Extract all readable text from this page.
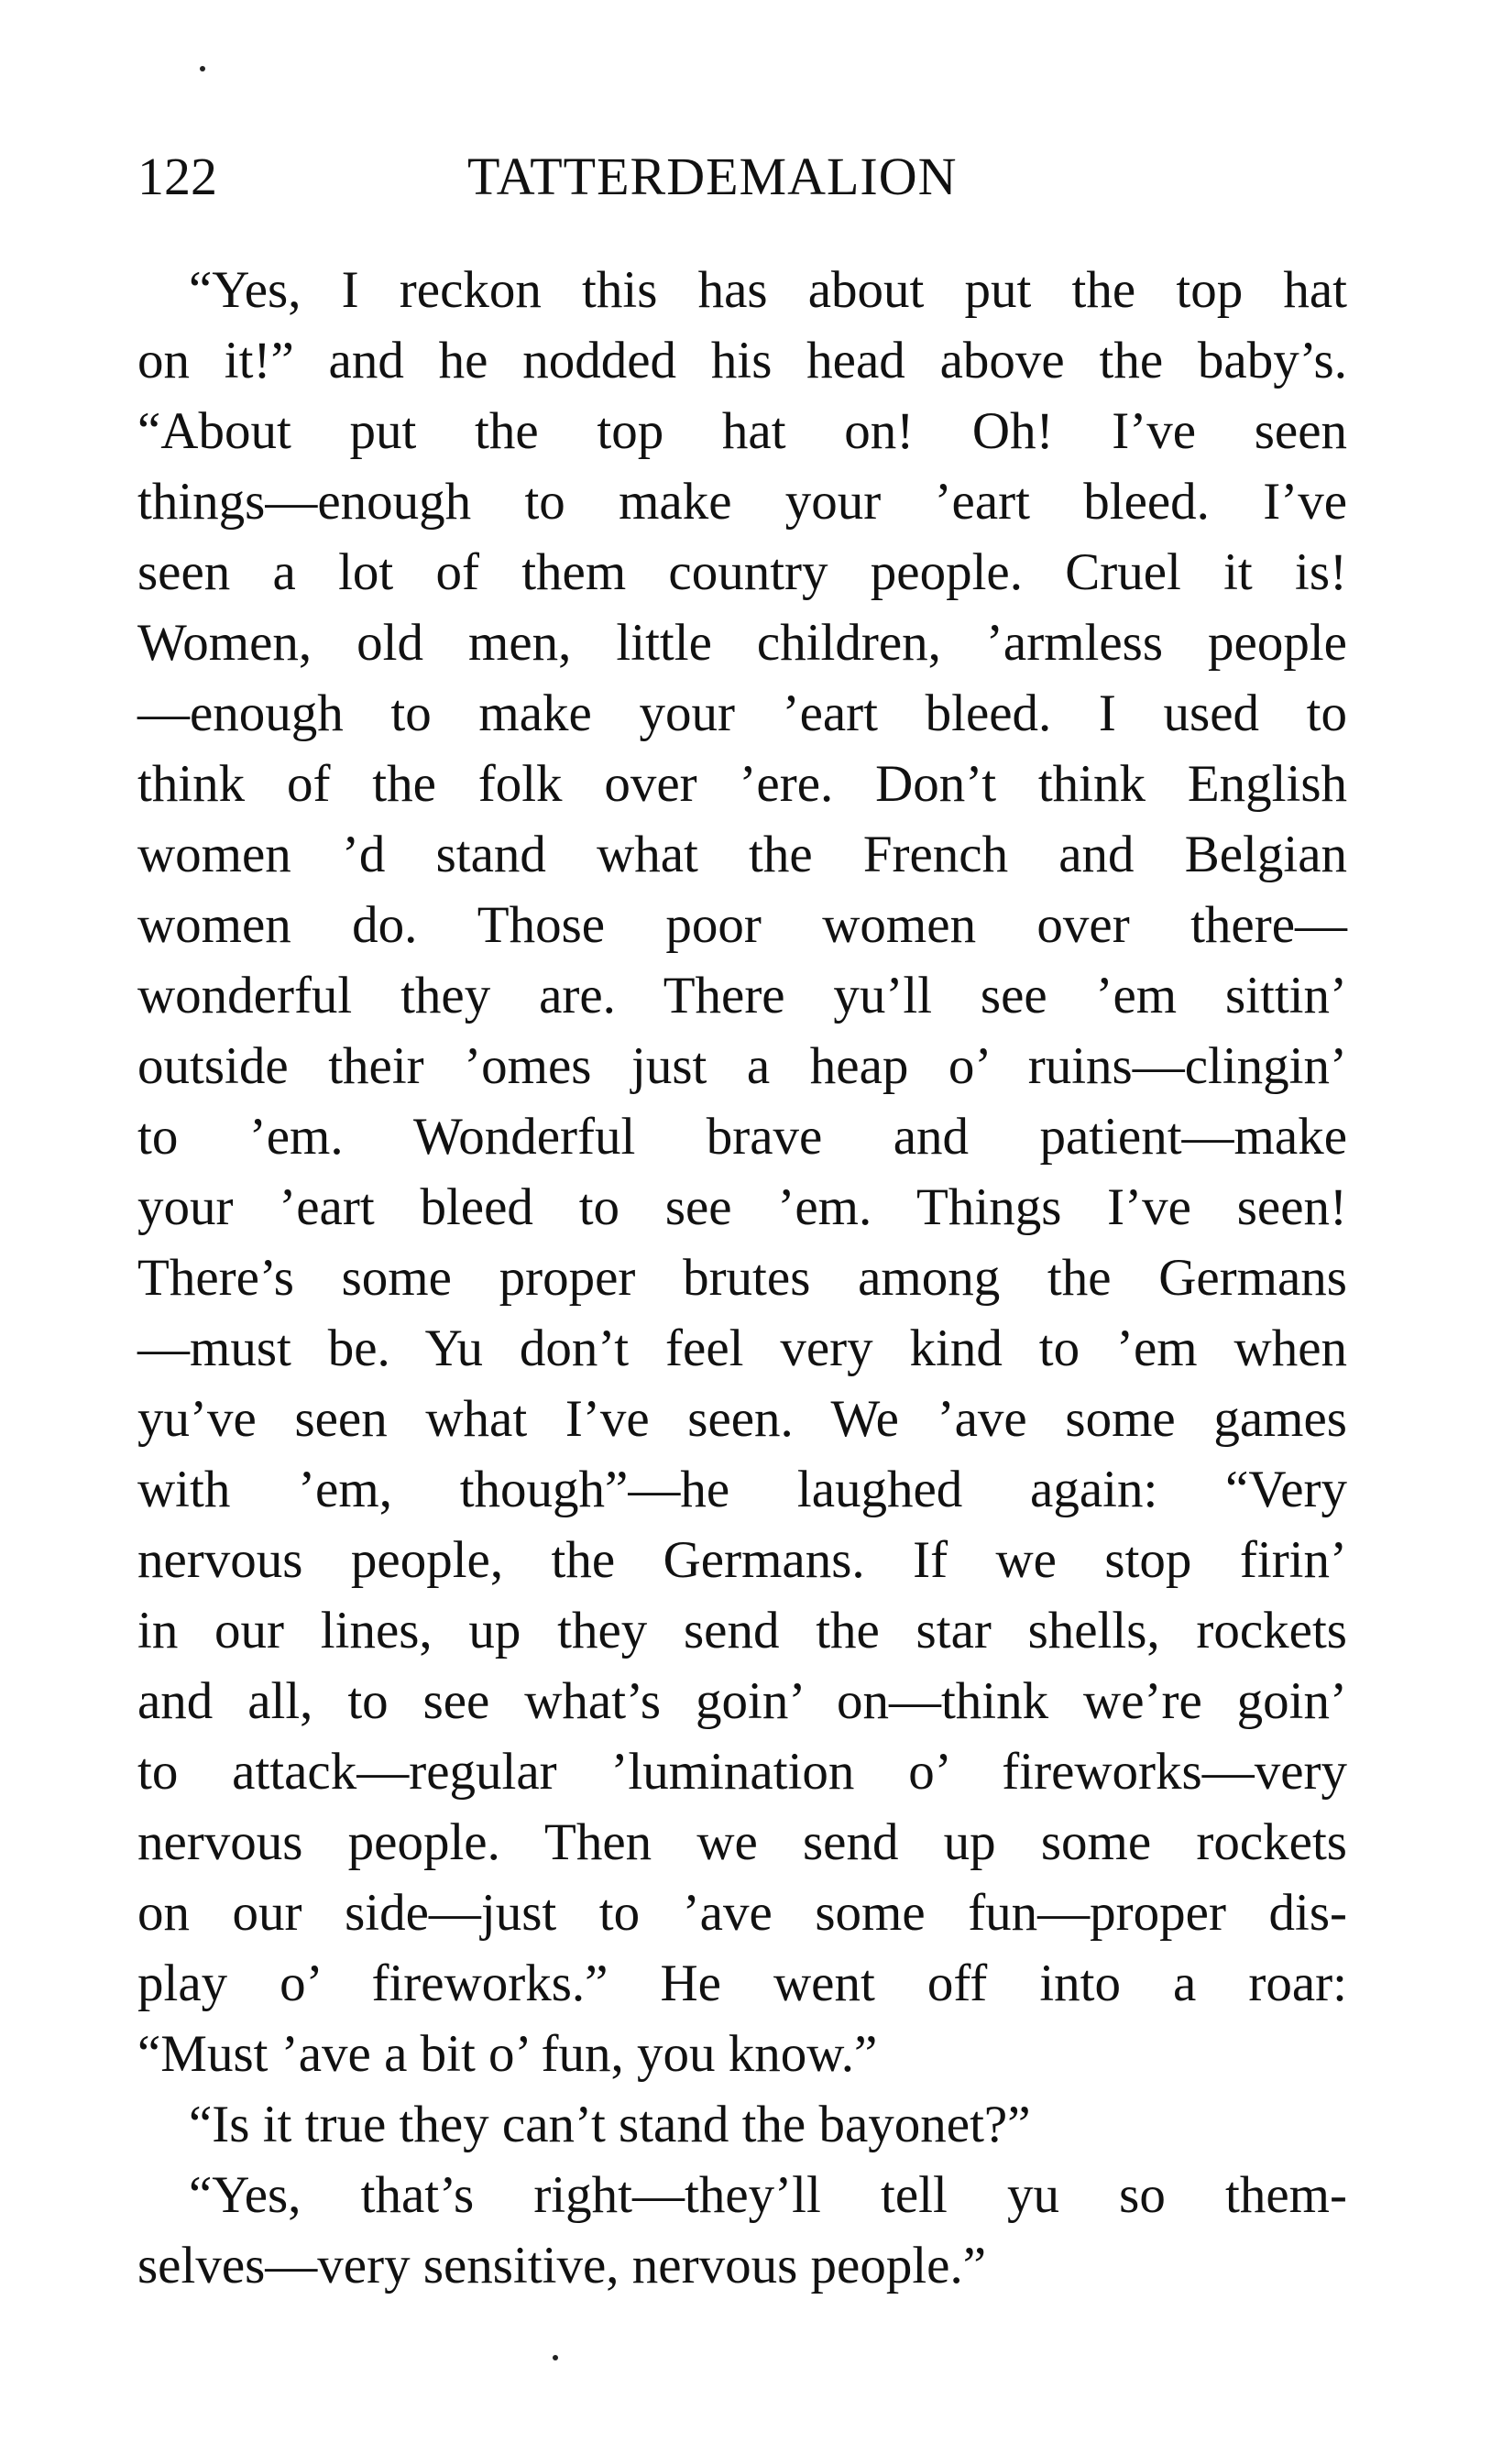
122	TATTERDEMALION
“Yes, I reckon this has about put the top hat
on it!” and he nodded his head above the baby’s.
“About put the top hat on! Oh! I’ve seen
things—enough to make your ’eart bleed. I’ve
seen a lot of them country people. Cruel it is!
Women, old men, little children, ’armless people
—enough to make your ’eart bleed. I used to
think of the folk over ’ere. Don’t think English
women ’d stand what the French and Belgian
women do. Those poor women over there—
wonderful they are. There yu’ll see ’em sittin’
outside their ’omes just a heap o’ ruins—clingin’
to ’em. Wonderful brave and patient—make
your ’eart bleed to see ’em. Things I’ve seen!
There’s some proper brutes among the Germans
—must be. Yu don’t feel very kind to ’em when
yu’ve seen what I’ve seen. We ’ave some games
with ’em, though”—he laughed again: “Very
nervous people, the Germans. If we stop firin’
in our lines, up they send the star shells, rockets
and all, to see what’s goin’ on—think we’re goin’
to attack—regular ’lumination o’ fireworks—very
nervous people. Then we send up some rockets
on our side—just to ’ave some fun—proper dis-
play o’ fireworks.” He went off into a roar:
“Must ’ave a bit o’ fun, you know.”
“Is it true they can’t stand the bayonet?”
“Yes, that’s right—they’ll tell yu so them-
selves—very sensitive, nervous people.”
